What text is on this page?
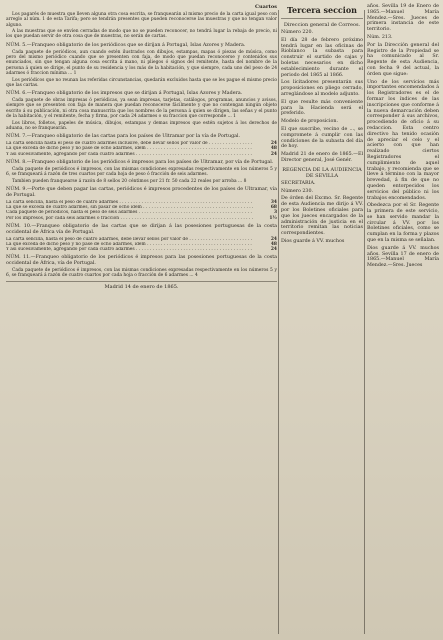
Cuartos
Los pagarés de muestra que lleven alguna otra cosa escrita, se franquearán al mismo precio de la carta igual peso con arreglo al núm. 1 de esta Tarifa; pero se tendrán presentes que pueden reconocerse las muestras y que no tengan valor alguno.
A las muestras que se envíen cerradas de modo que no se pueden reconocer, no tendrá lugar la rebaja de precio, ni los que puedan servir de otra cosa que de muestras, no serán de cartas.
NÚM. 5.—Franqueo obligatorio de los periódicos que se dirijan á Portugal, Islas Azores y Madera.
Cada paquete de periódicos, aun cuando estén ilustrados con dibujos, estampas, mapas ó piezas de música, como pero del mismo periódico cuando que se presenten con faja, de modo que puedan reconocerse y contenidos sus enunciados, sin que tengan alguna cosa escrita á mano, ni pliegos ó signos del remitente, hasta del nombre de la persona á quien se dirige, el punto de su residencia y los más de la habitación, y que siempre, cada uno del peso de 24 adarmes ó fraccion mínima ... 1
Los periódicos que no reunan las referidas circunstancias, quedarán excluidos hasta que se les pague el mismo precio que las cartas.
NÚM. 6.—Franqueo obligatorio de los impresos que se dirijan á Portugal, Islas Azores y Madera.
Cada paquete de obras impresas ó periódicas, ya sean impresas, tarjetas, catálogos, programas, anuncios y avisos, siempre que se presenten con faja de manera que puedan reconocerse fácilmente y que no contengan ningún objeto escrito á su publicación, ni otra cosa manuscrita que los nombres de la persona á quien se dirigen, las señas y el punto de la habitación, y el remitente, fecha y firma, por cada 24 adarmes o su fraccion que corresponde ... 1
Los libros, folletos, papeles de música, dibujos, estampas y demas impresos que estén sujetos á los derechos de aduana, no se franquearán.
NÚM. 7.—Franqueo obligatorio de las cartas para los países de Ultramar por la vía de Portugal.
La carta sencilla hasta el peso de cuatro adarmes inclusive, debe llevar sellos por valor de . . .	24
La que exceda de dicho peso y no pase de ocho adarmes, idem . . .	48
Y así sucesivamente, agregando por cada cuatro adarmes . . .	24
NÚM. 8.—Franqueo obligatorio de los periódicos é impresos para los países de Ultramar, por vía de Portugal.
Cada paquete de periódicos é impresos, con las mismas condiciones expresadas respectivamente en los números 5 y 6, se franqueará á razón de tres cuartos por cada hoja de peso ó fracción de seis adarmes.
Tambien pueden franquearse á razón de 8 sellos 20 céntimos por 21 fr. 50 cada 22 reales por arroba ... 8
NÚM. 9.—Porte que deben pagar las cartas, periódicos é impresos procedentes de los países de Ultramar, vía de Portugal.
La carta sencilla, hasta el peso de cuatro adarmes . . .	34
La que se exceda de cuatro adarmes, sin pasar de ocho idem . . .	68
Cada paquete de periódicos, hasta el peso de seis adarmes . . .	3
Por los impresos, por cada seis adarmes ó fraccion . . .	1½
NÚM. 10.—Franqueo obligatorio de las cartas que se dirijan á las posesiones portuguesas de la costa occidental de África vía de Portugal.
La carta sencilla, hasta el peso de cuatro adarmes, debe llevar sellos por valor de . . .	24
La que exceda de dicho peso y no pase de ocho adarmes, idem . . .	48
Y así sucesivamente, agregando por cada cuatro adarmes . . .	24
NÚM. 11.—Franqueo obligatorio de los periódicos é impresos para las posesiones portuguesas de la costa occidental de África, vía de Portugal.
Cada paquete de periódicos é impresos, con las mismas condiciones expresadas respectivamente en los números 5 y 6, se franqueará á razón de cuatro cuartos por cada hoja o fracción de 6 adarmes ... 4
Madrid 14 de enero de 1865.
Tercera seccion
Direccion general de Correos.
Número 220.
El día 28 de febrero próximo tendrá lugar en las oficinas de Rioblanco la subasta para construir el surtido de cajas y boletas necesarios en dicho establecimiento durante el periodo del 1865 al 1866.
Los licitadores presentarán sus proposiciones en pliego cerrado, arreglándose al modelo adjunto.
El que resulte más conveniente para la Hacienda será el preferido.
Modelo de proposicion.
El que suscribe, vecino de ..., se compromete á cumplir con las condiciones de la subasta del día de hoy.
Madrid 21 de enero de 1865.—El Director general, José Genér.
REGENCIA DE LA AUDIENCIA DE SEVILLA
SECRETARIA.
Número 230.
De órden del Excmo. Sr. Regente de esta Audiencia me dirijo á VV. por los Boletines oficiales para que los jueces encargados de la administración de justicia en el territorio remitan las noticias correspondientes.
Dios guarde á VV. muchos
años. Sevilla 19 de Enero de 1865.—Manuel María Mendez.—Sres. Jueces de primera instancia de este territorio.
Núm. 213.
Por la Dirección general del Registro de la Propiedad se ha comunicado al Sr. Regente de esta Audiencia, con fecha 9 del actual, la órden que sigue:
Uno de los servicios más importantes encomendados á los Registradores es el de formar los índices de las inscripciones que conforme á la nueva demarcación deben corresponder á sus archivos, procediendo de oficio á su redaccion. Esta centro directivo ha tenido ocasión de apreciar el celo y el acierto con que han realizado ciertos Registradores el cumplimiento de aquel trabajo, y recomienda que se lleve á término con la mayor brevedad, á fin de que no queden entorpecidos los servicios del público ni los trabajos encomendados.
Obedezca por el Sr. Regente la primera de este servicio, se han servido mandar la circular á VV. por los Boletines oficiales, como se cumplan en la forma y plazos que en la misma se señalan.
Dios guarde á VV. muchos años. Sevilla 17 de enero de 1865.—Manuel María Mendez.—Sres. Jueces
